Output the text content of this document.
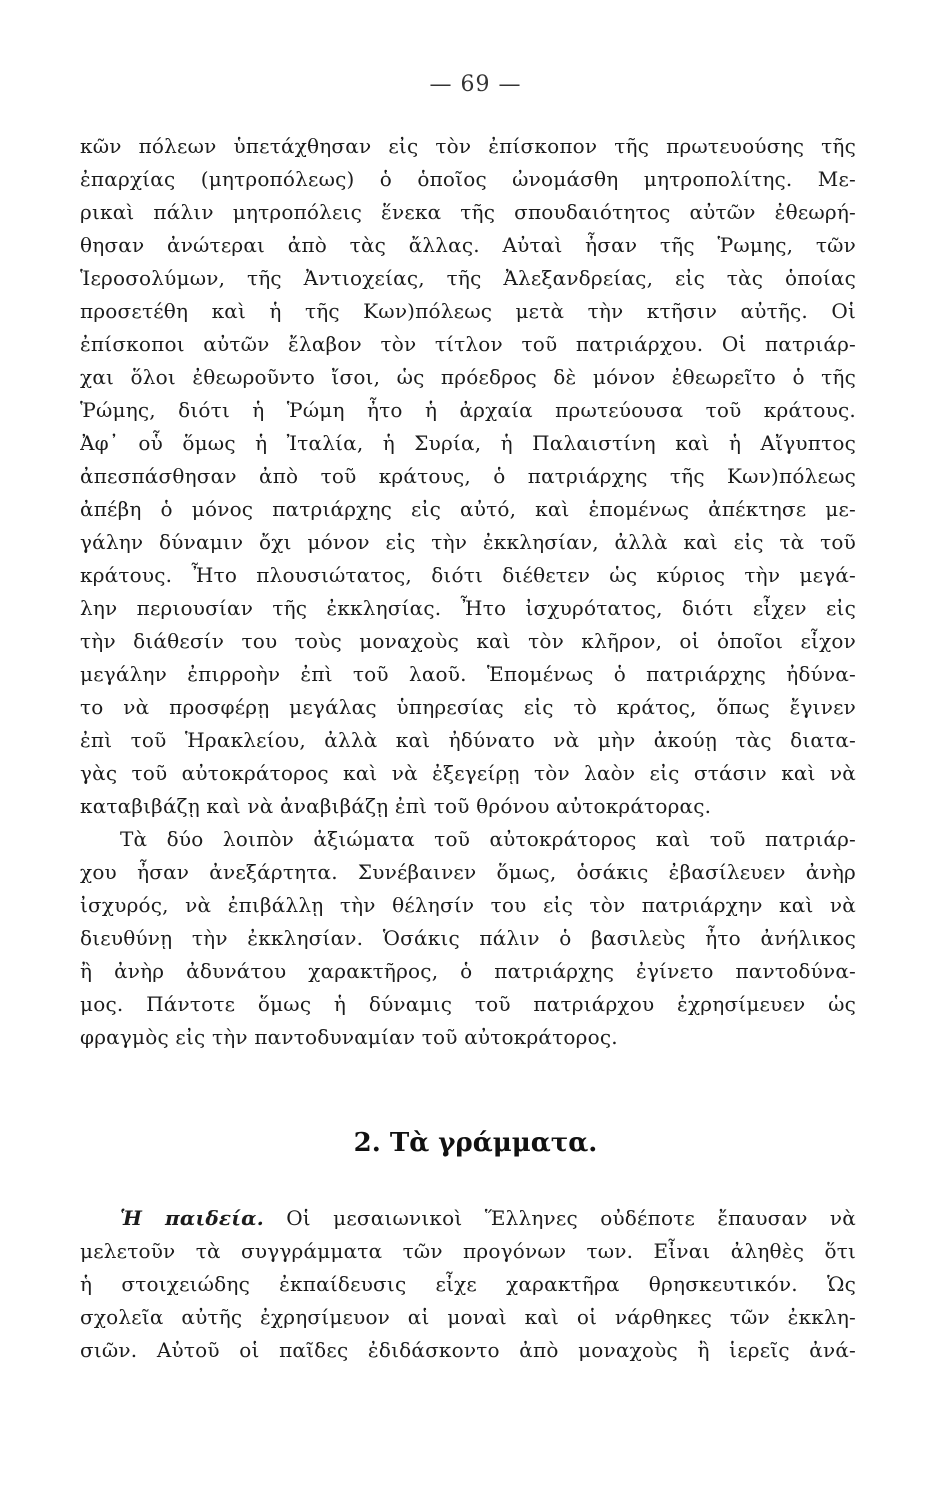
— 69 —
κῶν πόλεων ὑπετάχθησαν εἰς τὸν ἐπίσκοπον τῆς πρωτευούσης τῆς
ἐπαρχίας (μητροπόλεως) ὁ ὁποῖος ὠνομάσθη μητροπολίτης. Με-
ρικαὶ πάλιν μητροπόλεις ἕνεκα τῆς σπουδαιότητος αὐτῶν ἐθεωρή-
θησαν ἀνώτεραι ἀπὸ τὰς ἄλλας. Αὐταὶ ἦσαν τῆς Ῥωμης, τῶν
Ἱεροσολύμων, τῆς Ἀντιοχείας, τῆς Ἀλεξανδρείας, εἰς τὰς ὁποίας
προσετέθη καὶ ἡ τῆς Κων)πόλεως μετὰ τὴν κτῆσιν αὐτῆς. Οἱ
ἐπίσκοποι αὐτῶν ἔλαβον τὸν τίτλον τοῦ πατριάρχου. Οἱ πατριάρ-
χαι ὅλοι ἐθεωροῦντο ἴσοι, ὡς πρόεδρος δὲ μόνον ἐθεωρεῖτο ὁ τῆς
Ῥώμης, διότι ἡ Ῥώμη ἦτο ἡ ἀρχαία πρωτεύουσα τοῦ κράτους.
Ἀφ᾽ οὗ ὅμως ἡ Ἰταλία, ἡ Συρία, ἡ Παλαιστίνη καὶ ἡ Αἴγυπτος
ἀπεσπάσθησαν ἀπὸ τοῦ κράτους, ὁ πατριάρχης τῆς Κων)πόλεως
ἀπέβη ὁ μόνος πατριάρχης εἰς αὐτό, καὶ ἑπομένως ἀπέκτησε με-
γάλην δύναμιν ὄχι μόνον εἰς τὴν ἐκκλησίαν, ἀλλὰ καὶ εἰς τὰ τοῦ
κράτους. Ἦτο πλουσιώτατος, διότι διέθετεν ὡς κύριος τὴν μεγά-
λην περιουσίαν τῆς ἐκκλησίας. Ἦτο ἰσχυρότατος, διότι εἶχεν εἰς
τὴν διάθεσίν του τοὺς μοναχοὺς καὶ τὸν κλῆρον, οἱ ὁποῖοι εἶχον
μεγάλην ἐπιρροὴν ἐπὶ τοῦ λαοῦ. Ἑπομένως ὁ πατριάρχης ἠδύνα-
το νὰ προσφέρῃ μεγάλας ὑπηρεσίας εἰς τὸ κράτος, ὅπως ἔγινεν
ἐπὶ τοῦ Ἡρακλείου, ἀλλὰ καὶ ἠδύνατο νὰ μὴν ἀκούῃ τὰς διατα-
γὰς τοῦ αὐτοκράτορος καὶ νὰ ἐξεγείρῃ τὸν λαὸν εἰς στάσιν καὶ νὰ
καταβιβάζῃ καὶ νὰ ἀναβιβάζῃ ἐπὶ τοῦ θρόνου αὐτοκράτορας.
Τὰ δύο λοιπὸν ἀξιώματα τοῦ αὐτοκράτορος καὶ τοῦ πατριάρ-
χου ἦσαν ἀνεξάρτητα. Συνέβαινεν ὅμως, ὁσάκις ἐβασίλευεν ἀνὴρ
ἰσχυρός, νὰ ἐπιβάλλῃ τὴν θέλησίν του εἰς τὸν πατριάρχην καὶ νὰ
διευθύνῃ τὴν ἐκκλησίαν. Ὁσάκις πάλιν ὁ βασιλεὺς ἦτο ἀνήλικος
ἢ ἀνὴρ ἀδυνάτου χαρακτῆρος, ὁ πατριάρχης ἐγίνετο παντοδύνα-
μος. Πάντοτε ὅμως ἡ δύναμις τοῦ πατριάρχου ἐχρησίμευεν ὡς
φραγμὸς εἰς τὴν παντοδυναμίαν τοῦ αὐτοκράτορος.
2. Τὰ γράμματα.
Ἡ παιδεία. Οἱ μεσαιωνικοὶ Ἕλληνες οὐδέποτε ἔπαυσαν νὰ
μελετοῦν τὰ συγγράμματα τῶν προγόνων των. Εἶναι ἀληθὲς ὅτι
ἡ στοιχειώδης ἐκπαίδευσις εἶχε χαρακτῆρα θρησκευτικόν. Ὡς
σχολεῖα αὐτῆς ἐχρησίμευον αἱ μοναὶ καὶ οἱ νάρθηκες τῶν ἐκκλη-
σιῶν. Αὐτοῦ οἱ παῖδες ἐδιδάσκοντο ἀπὸ μοναχοὺς ἢ ἱερεῖς ἀνά-
